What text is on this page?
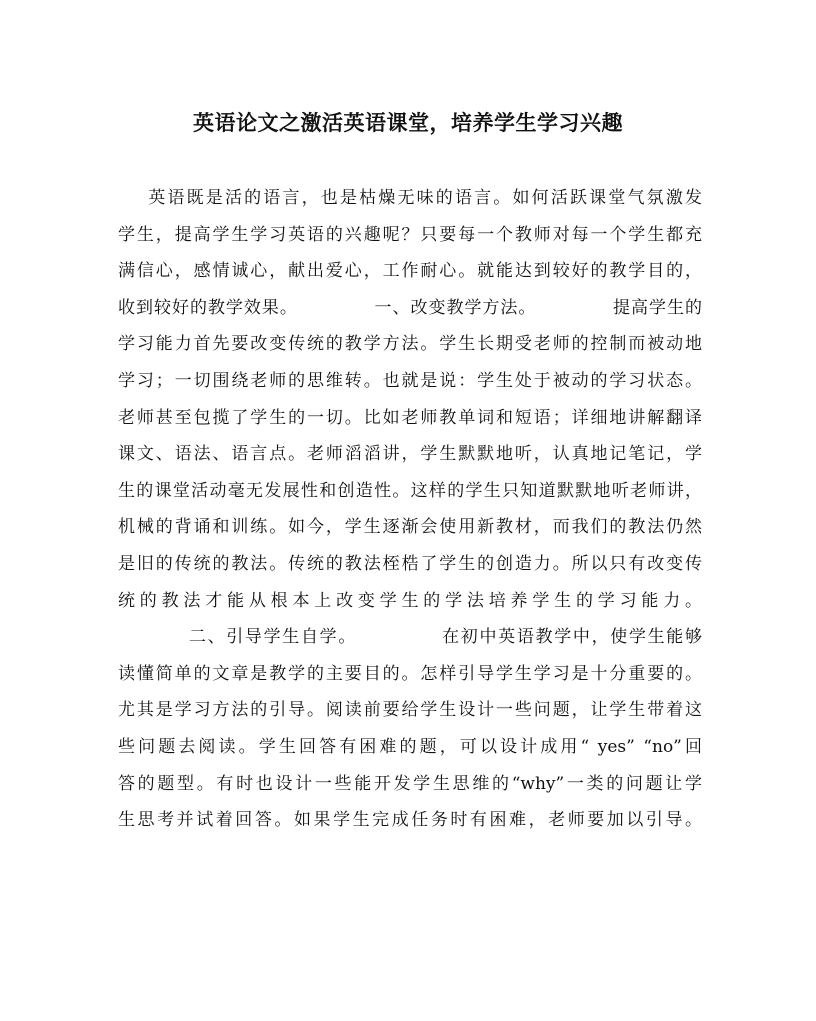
英语论文之激活英语课堂，培养学生学习兴趣
英语既是活的语言，也是枯燥无味的语言。如何活跃课堂气氛激发
学生，提高学生学习英语的兴趣呢？只要每一个教师对每一个学生都充
满信心，感情诚心，献出爱心，工作耐心。就能达到较好的教学目的，
收到较好的教学效果。            一、改变教学方法。            提高学生的
学习能力首先要改变传统的教学方法。学生长期受老师的控制而被动地
学习；一切围绕老师的思维转。也就是说：学生处于被动的学习状态。
老师甚至包揽了学生的一切。比如老师教单词和短语；详细地讲解翻译
课文、语法、语言点。老师滔滔讲，学生默默地听，认真地记笔记，学
生的课堂活动毫无发展性和创造性。这样的学生只知道默默地听老师讲，
机械的背诵和训练。如今，学生逐渐会使用新教材，而我们的教法仍然
是旧的传统的教法。传统的教法桎梏了学生的创造力。所以只有改变传
统的教法才能从根本上改变学生的学法培养学生的学习能力。
二、引导学生自学。            在初中英语教学中，使学生能够
读懂简单的文章是教学的主要目的。怎样引导学生学习是十分重要的。
尤其是学习方法的引导。阅读前要给学生设计一些问题，让学生带着这
些问题去阅读。学生回答有困难的题，可以设计成用“ yes” “no”回
答的题型。有时也设计一些能开发学生思维的“why”一类的问题让学
生思考并试着回答。如果学生完成任务时有困难，老师要加以引导。
